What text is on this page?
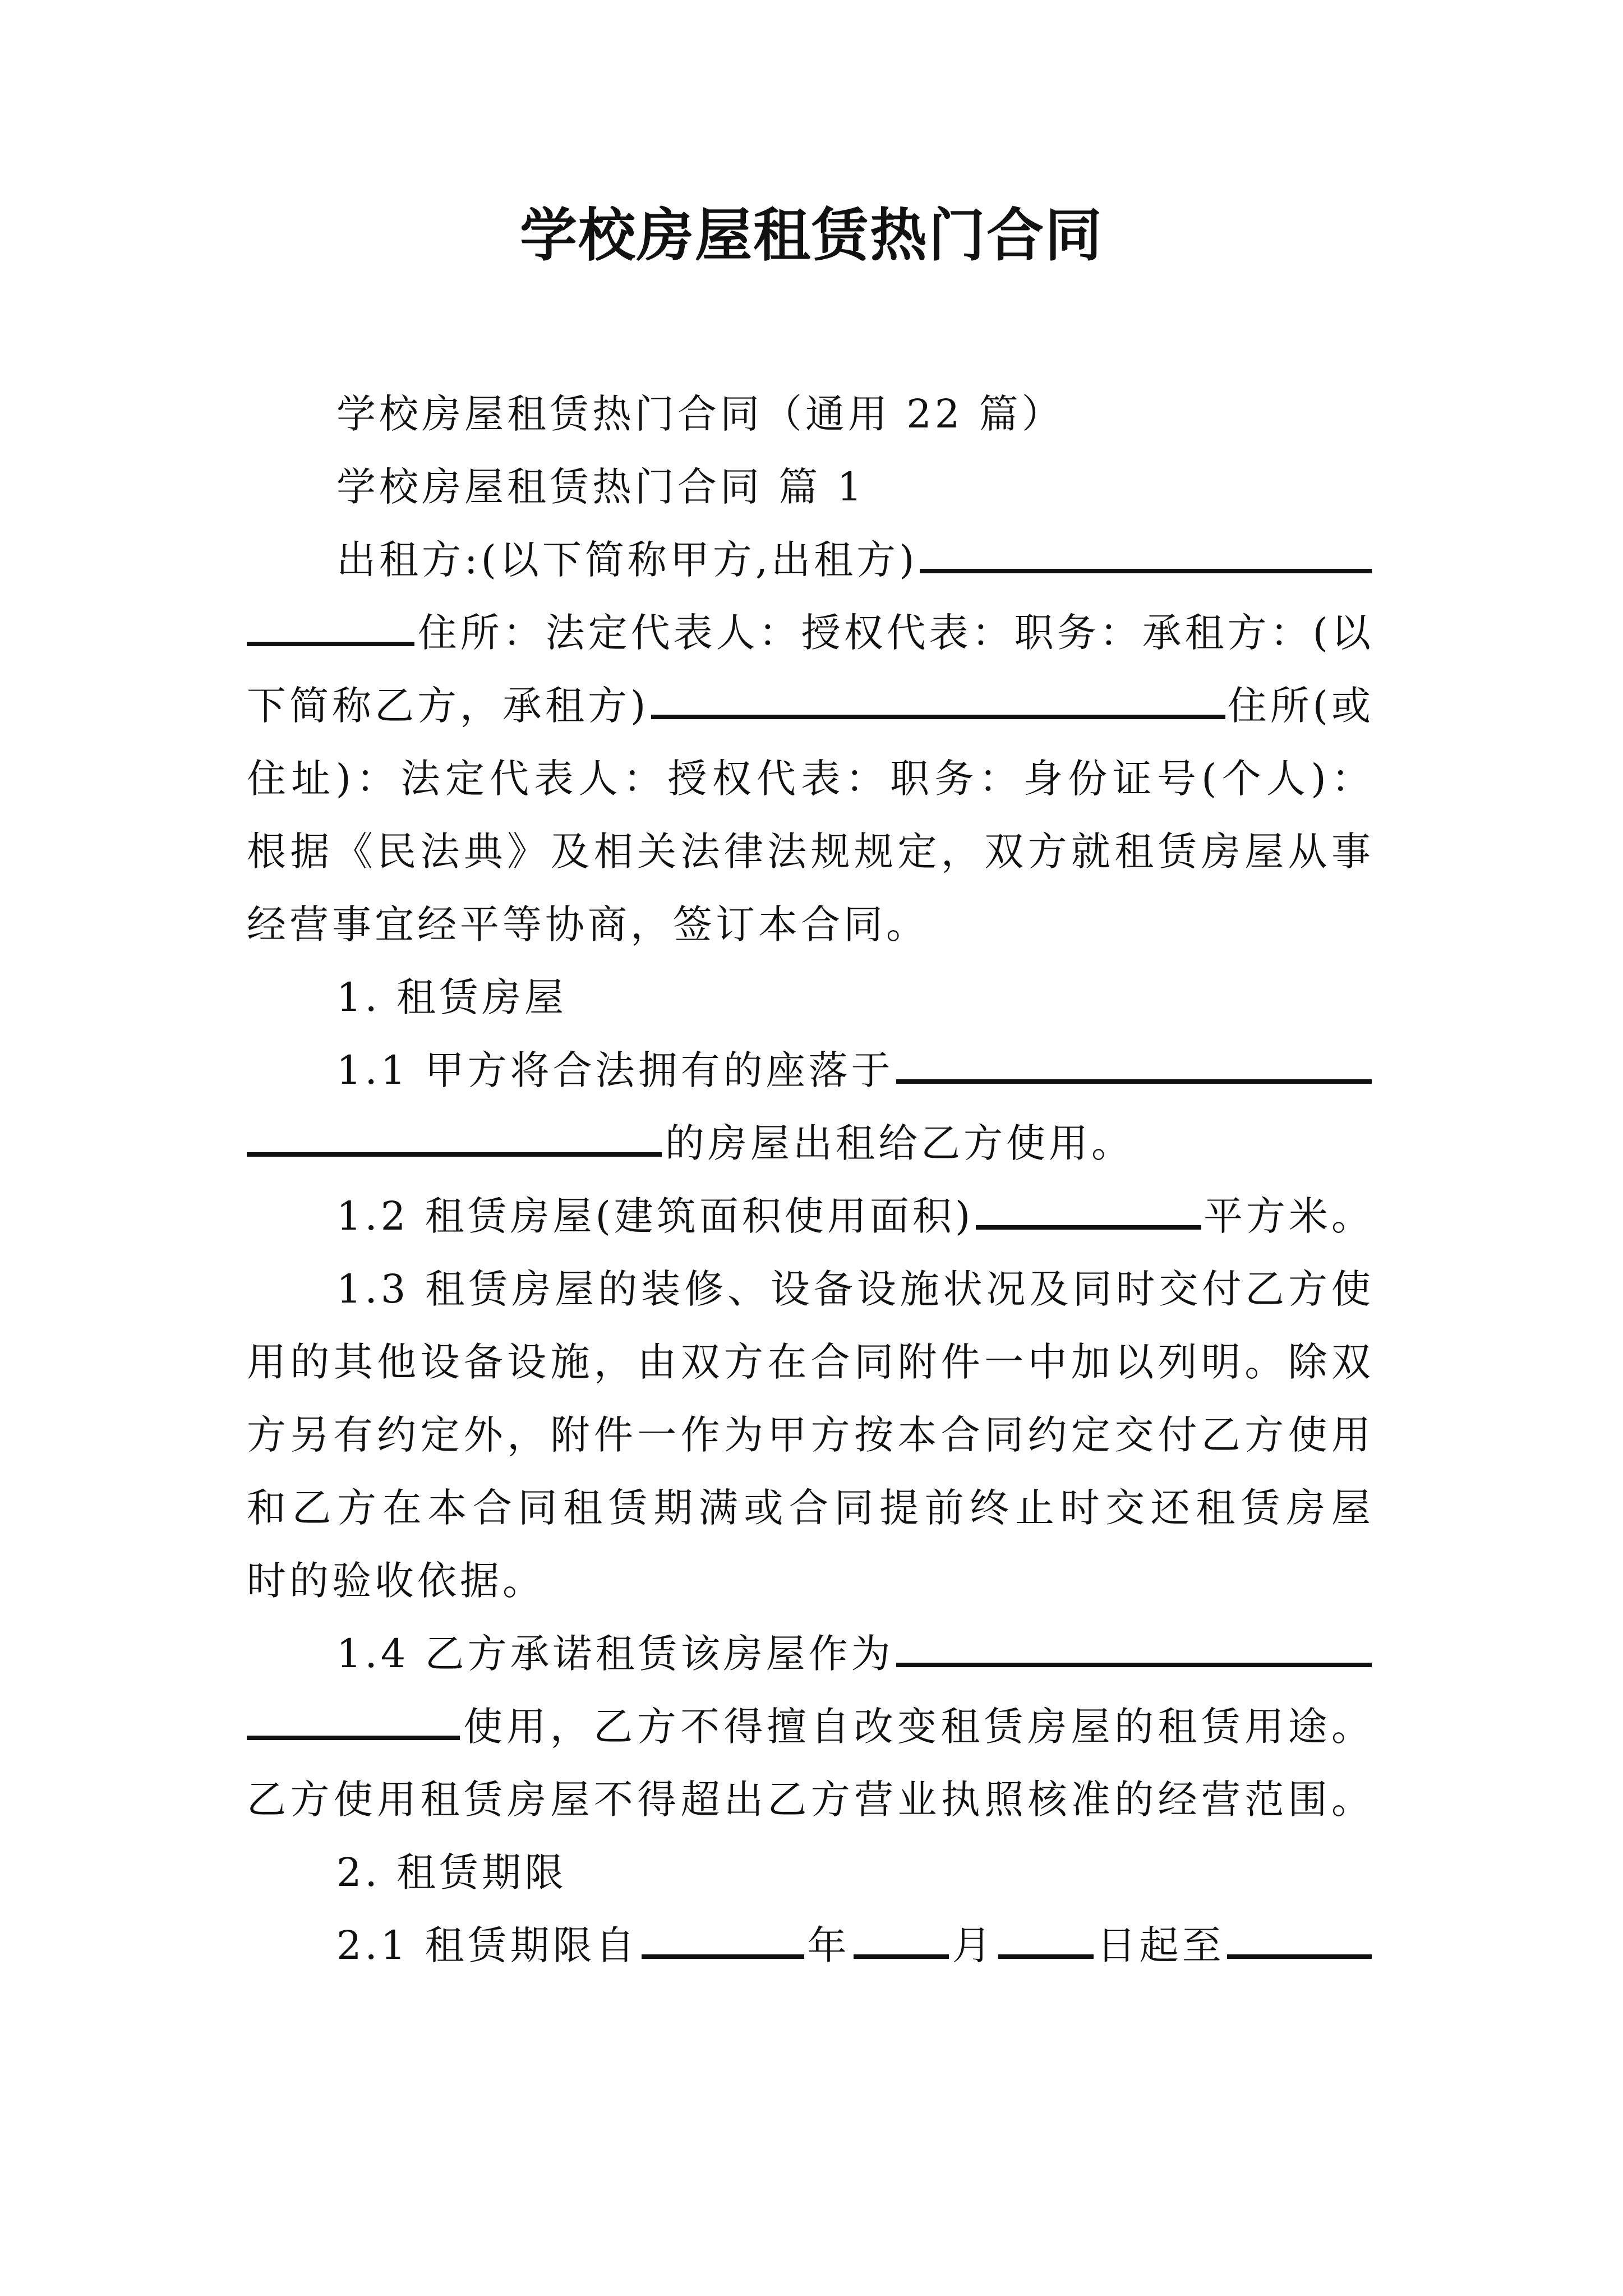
学校房屋租赁热门合同
学校房屋租赁热门合同（通用 22 篇）
学校房屋租赁热门合同 篇 1
出租方:(以下简称甲方,出租方)
住所：法定代表人：授权代表：职务：承租方：(以
下简称乙方，承租方)	住所(或
住址)：法定代表人：授权代表：职务：身份证号(个人)：
根据《民法典》及相关法律法规规定，双方就租赁房屋从事
经营事宜经平等协商，签订本合同。
1. 租赁房屋
1.1 甲方将合法拥有的座落于
的房屋出租给乙方使用。
1.2 租赁房屋(建筑面积使用面积)	平方米。
1.3 租赁房屋的装修、设备设施状况及同时交付乙方使
用的其他设备设施，由双方在合同附件一中加以列明。除双
方另有约定外，附件一作为甲方按本合同约定交付乙方使用
和乙方在本合同租赁期满或合同提前终止时交还租赁房屋
时的验收依据。
1.4 乙方承诺租赁该房屋作为
使用，乙方不得擅自改变租赁房屋的租赁用途。
乙方使用租赁房屋不得超出乙方营业执照核准的经营范围。
2. 租赁期限
2.1 租赁期限自	年	月	日起至
